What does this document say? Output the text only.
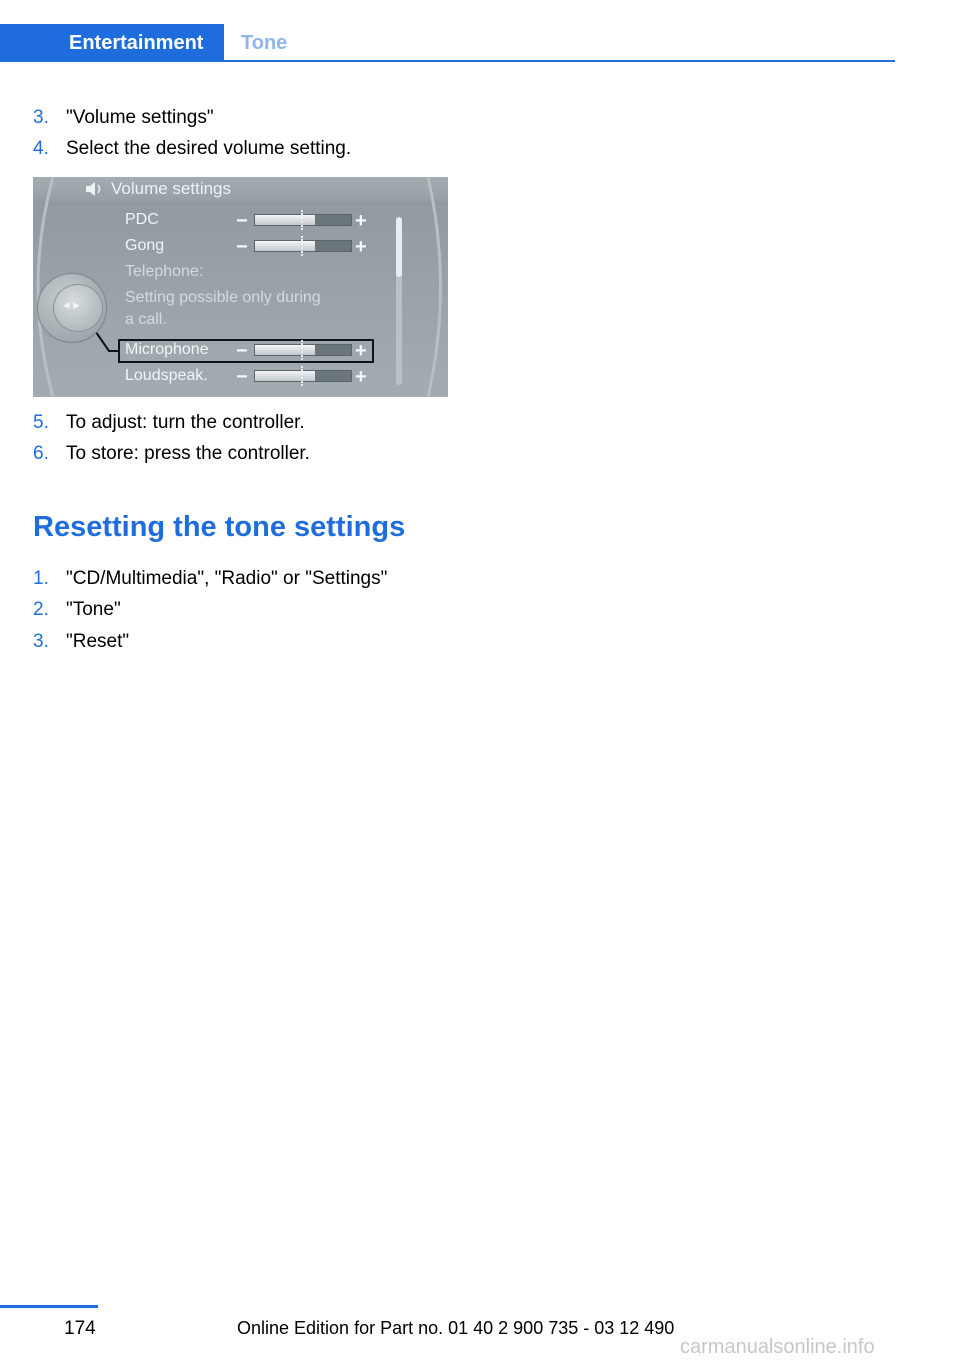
Entertainment	Tone
3. "Volume settings"
4. Select the desired volume setting.
Volume settings
PDC	−	+
Gong	−	+
Telephone:
Setting possible only during
a call.
Microphone −	+
Loudspeak. −	+
◂ ▸
5. To adjust: turn the controller.
6. To store: press the controller.
Resetting the tone settings
1. "CD/Multimedia", "Radio" or "Settings"
2. "Tone"
3. "Reset"
174	Online Edition for Part no. 01 40 2 900 735 - 03 12 490
carmanualsonline.info
